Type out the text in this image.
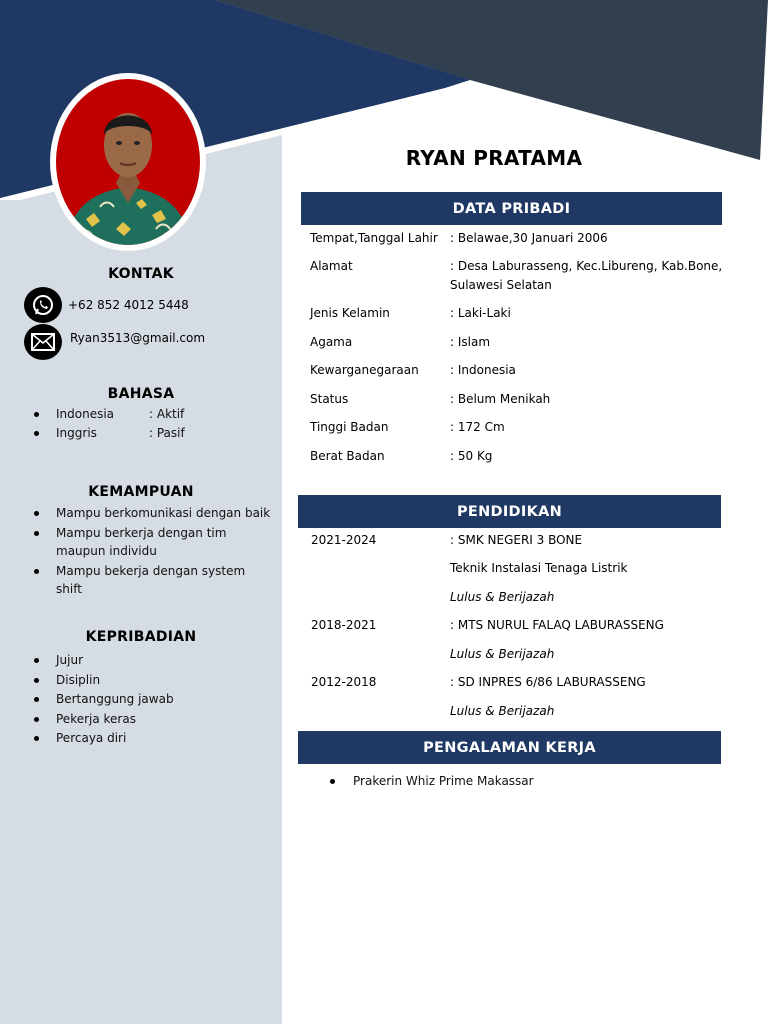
KONTAK
+62 852 4012 5448
Ryan3513@gmail.com
BAHASA
Indonesia	: Aktif
Inggris	: Pasif
KEMAMPUAN
Mampu berkomunikasi dengan baik
Mampu berkerja dengan tim maupun individu
Mampu bekerja dengan system shift
KEPRIBADIAN
Jujur
Disiplin
Bertanggung jawab
Pekerja keras
Percaya diri
RYAN PRATAMA
DATA PRIBADI
Tempat,Tanggal Lahir	: Belawae,30 Januari 2006
Alamat	: Desa Laburasseng, Kec.Libureng, Kab.Bone, Sulawesi Selatan
Jenis Kelamin	: Laki-Laki
Agama	: Islam
Kewarganegaraan	: Indonesia
Status	: Belum Menikah
Tinggi Badan	: 172 Cm
Berat Badan	: 50 Kg
PENDIDIKAN
2021-2024	: SMK NEGERI 3 BONE
Teknik Instalasi Tenaga Listrik
Lulus & Berijazah
2018-2021	: MTS NURUL FALAQ LABURASSENG
Lulus & Berijazah
2012-2018	: SD INPRES 6/86 LABURASSENG
Lulus & Berijazah
PENGALAMAN KERJA
Prakerin Whiz Prime Makassar
